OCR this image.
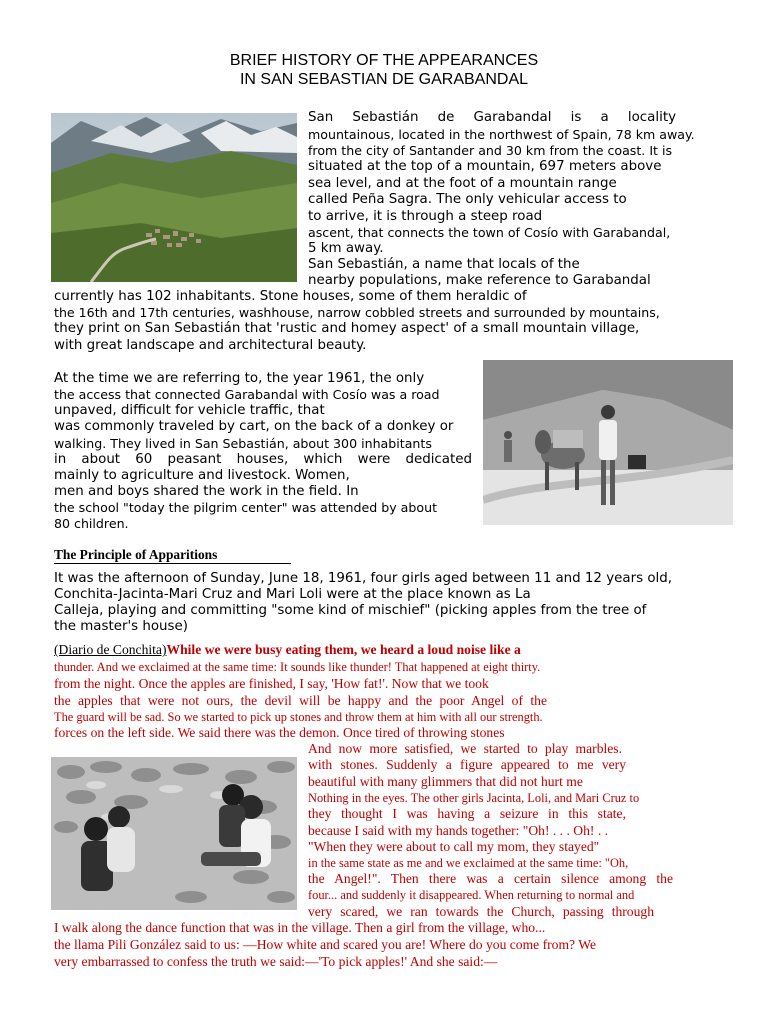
BRIEF HISTORY OF THE APPEARANCES
IN SAN SEBASTIAN DE GARABANDAL
San Sebastián de Garabandal is a locality
mountainous, located in the northwest of Spain, 78 km away.
from the city of Santander and 30 km from the coast. It is
situated at the top of a mountain, 697 meters above
sea level, and at the foot of a mountain range
called Peña Sagra. The only vehicular access to
to arrive, it is through a steep road
ascent, that connects the town of Cosío with Garabandal,
5 km away.
San Sebastián, a name that locals of the
nearby populations, make reference to Garabandal
currently has 102 inhabitants. Stone houses, some of them heraldic of
the 16th and 17th centuries, washhouse, narrow cobbled streets and surrounded by mountains,
they print on San Sebastián that 'rustic and homey aspect' of a small mountain village,
with great landscape and architectural beauty.
At the time we are referring to, the year 1961, the only
the access that connected Garabandal with Cosío was a road
unpaved, difficult for vehicle traffic, that
was commonly traveled by cart, on the back of a donkey or
walking. They lived in San Sebastián, about 300 inhabitants
in about 60 peasant houses, which were dedicated
mainly to agriculture and livestock. Women,
men and boys shared the work in the field. In
the school "today the pilgrim center" was attended by about
80 children.
The Principle of Apparitions
It was the afternoon of Sunday, June 18, 1961, four girls aged between 11 and 12 years old,
Conchita-Jacinta-Mari Cruz and Mari Loli were at the place known as La
Calleja, playing and committing "some kind of mischief" (picking apples from the tree of
the master's house)
(Diario de Conchita)While we were busy eating them, we heard a loud noise like a
thunder. And we exclaimed at the same time: It sounds like thunder! That happened at eight thirty.
from the night. Once the apples are finished, I say, 'How fat!'. Now that we took
the apples that were not ours, the devil will be happy and the poor Angel of the
The guard will be sad. So we started to pick up stones and throw them at him with all our strength.
forces on the left side. We said there was the demon. Once tired of throwing stones
And now more satisfied, we started to play marbles.
with stones. Suddenly a figure appeared to me very
beautiful with many glimmers that did not hurt me
Nothing in the eyes. The other girls Jacinta, Loli, and Mari Cruz to
they thought I was having a seizure in this state,
because I said with my hands together: "Oh! . . . Oh! . .
"When they were about to call my mom, they stayed"
in the same state as me and we exclaimed at the same time: "Oh,
the Angel!". Then there was a certain silence among the
four... and suddenly it disappeared. When returning to normal and
very scared, we ran towards the Church, passing through
I walk along the dance function that was in the village. Then a girl from the village, who...
the llama Pili González said to us: —How white and scared you are! Where do you come from? We
very embarrassed to confess the truth we said:—'To pick apples!' And she said:—
